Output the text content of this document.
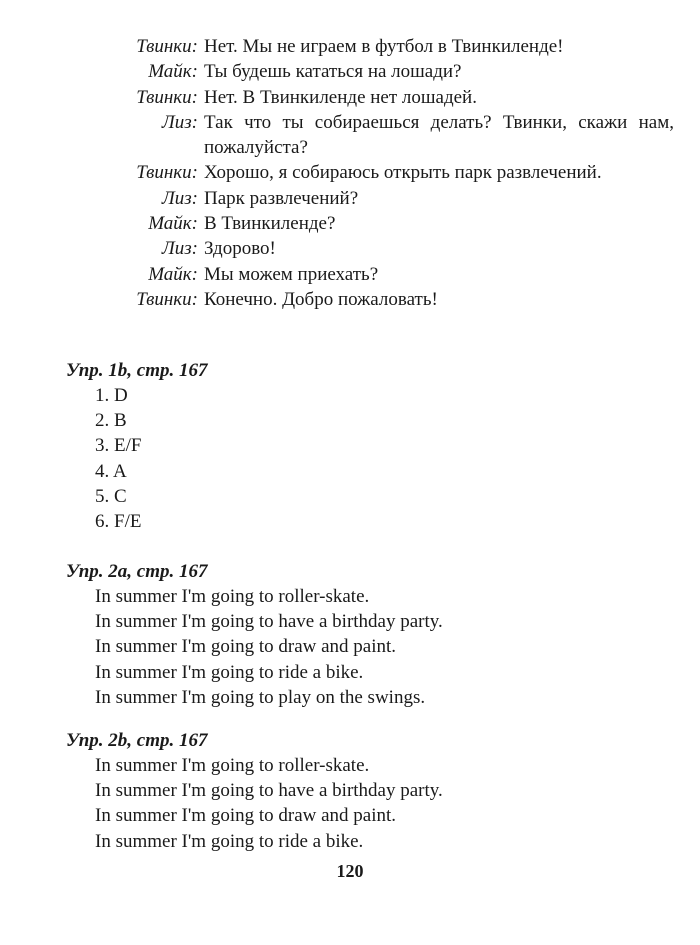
Твинки: Нет. Мы не играем в футбол в Твинкиленде!
Майк: Ты будешь кататься на лошади?
Твинки: Нет. В Твинкиленде нет лошадей.
Лиз: Так что ты собираешься делать? Твинки, скажи нам, пожалуйста?
Твинки: Хорошо, я собираюсь открыть парк развлечений.
Лиз: Парк развлечений?
Майк: В Твинкиленде?
Лиз: Здорово!
Майк: Мы можем приехать?
Твинки: Конечно. Добро пожаловать!
Упр. 1b, стр. 167
1. D
2. B
3. E/F
4. A
5. C
6. F/E
Упр. 2a, стр. 167
In summer I'm going to roller-skate.
In summer I'm going to have a birthday party.
In summer I'm going to draw and paint.
In summer I'm going to ride a bike.
In summer I'm going to play on the swings.
Упр. 2b, стр. 167
In summer I'm going to roller-skate.
In summer I'm going to have a birthday party.
In summer I'm going to draw and paint.
In summer I'm going to ride a bike.
120
